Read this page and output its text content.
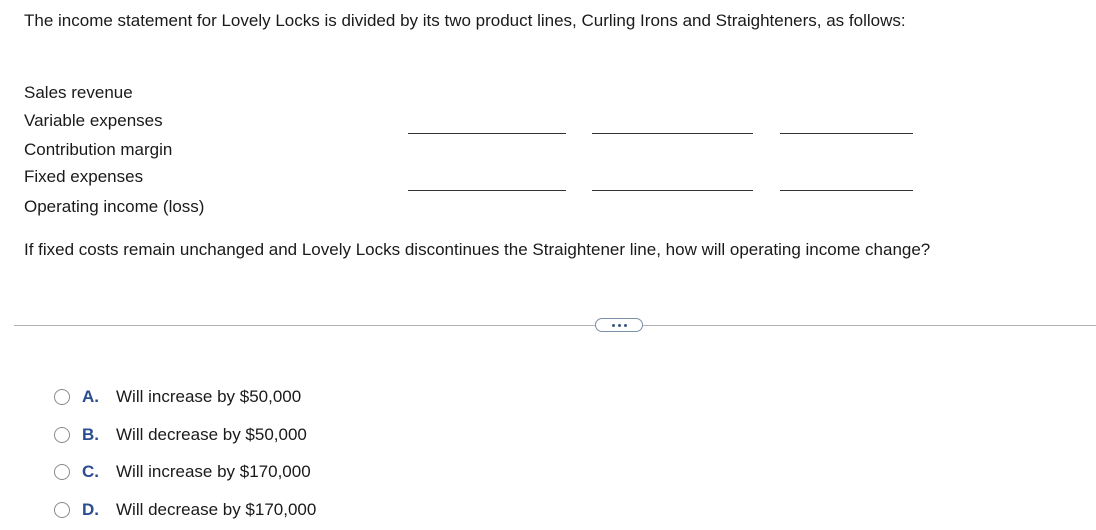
The income statement for Lovely Locks is divided by its two product lines, Curling Irons and Straighteners, as follows:
Sales revenue
Variable expenses
Contribution margin
Fixed expenses
Operating income (loss)
If fixed costs remain unchanged and Lovely Locks discontinues the Straightener line, how will operating income change?
A.	Will increase by $50,000
B.	Will decrease by $50,000
C.	Will increase by $170,000
D.	Will decrease by $170,000
